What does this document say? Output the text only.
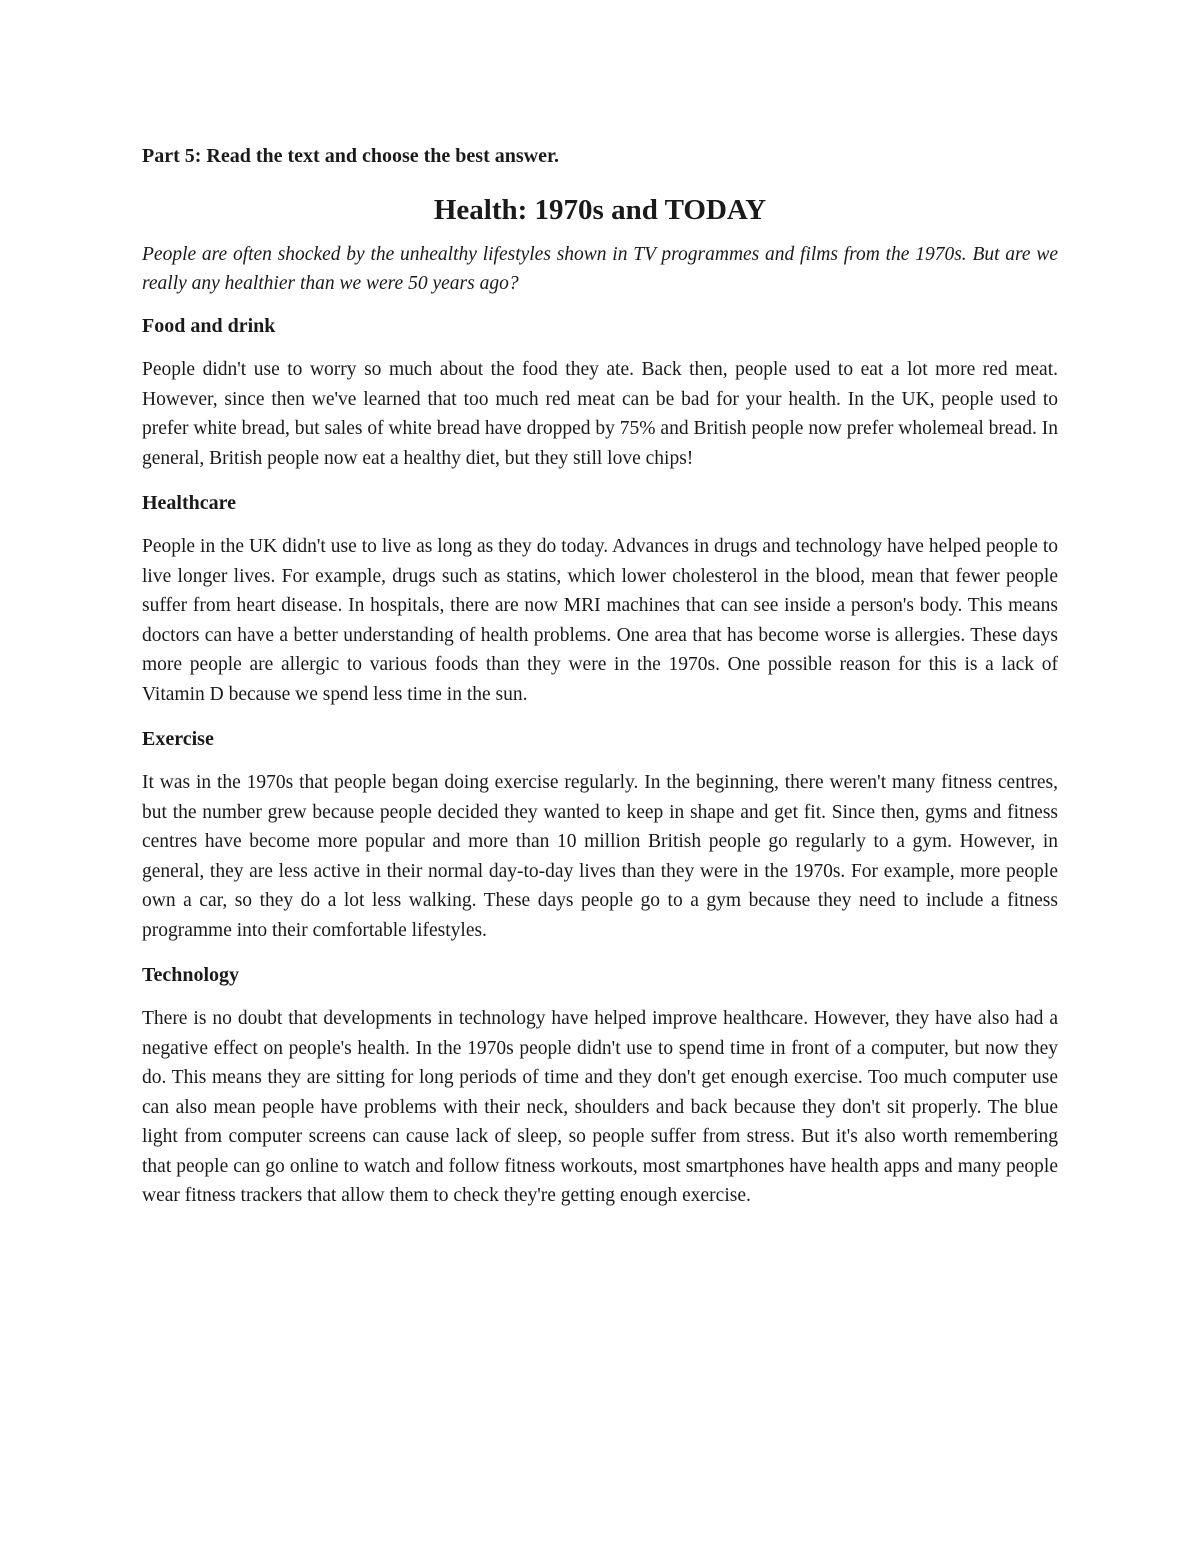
Part 5: Read the text and choose the best answer.

Health: 1970s and TODAY

People are often shocked by the unhealthy lifestyles shown in TV programmes and films from the 1970s. But are we really any healthier than we were 50 years ago?

Food and drink

People didn't use to worry so much about the food they ate. Back then, people used to eat a lot more red meat. However, since then we've learned that too much red meat can be bad for your health. In the UK, people used to prefer white bread, but sales of white bread have dropped by 75% and British people now prefer wholemeal bread. In general, British people now eat a healthy diet, but they still love chips!

Healthcare

People in the UK didn't use to live as long as they do today. Advances in drugs and technology have helped people to live longer lives. For example, drugs such as statins, which lower cholesterol in the blood, mean that fewer people suffer from heart disease. In hospitals, there are now MRI machines that can see inside a person's body. This means doctors can have a better understanding of health problems. One area that has become worse is allergies. These days more people are allergic to various foods than they were in the 1970s. One possible reason for this is a lack of Vitamin D because we spend less time in the sun.

Exercise

It was in the 1970s that people began doing exercise regularly. In the beginning, there weren't many fitness centres, but the number grew because people decided they wanted to keep in shape and get fit. Since then, gyms and fitness centres have become more popular and more than 10 million British people go regularly to a gym. However, in general, they are less active in their normal day-to-day lives than they were in the 1970s. For example, more people own a car, so they do a lot less walking. These days people go to a gym because they need to include a fitness programme into their comfortable lifestyles.

Technology

There is no doubt that developments in technology have helped improve healthcare. However, they have also had a negative effect on people's health. In the 1970s people didn't use to spend time in front of a computer, but now they do. This means they are sitting for long periods of time and they don't get enough exercise. Too much computer use can also mean people have problems with their neck, shoulders and back because they don't sit properly. The blue light from computer screens can cause lack of sleep, so people suffer from stress. But it's also worth remembering that people can go online to watch and follow fitness workouts, most smartphones have health apps and many people wear fitness trackers that allow them to check they're getting enough exercise.
